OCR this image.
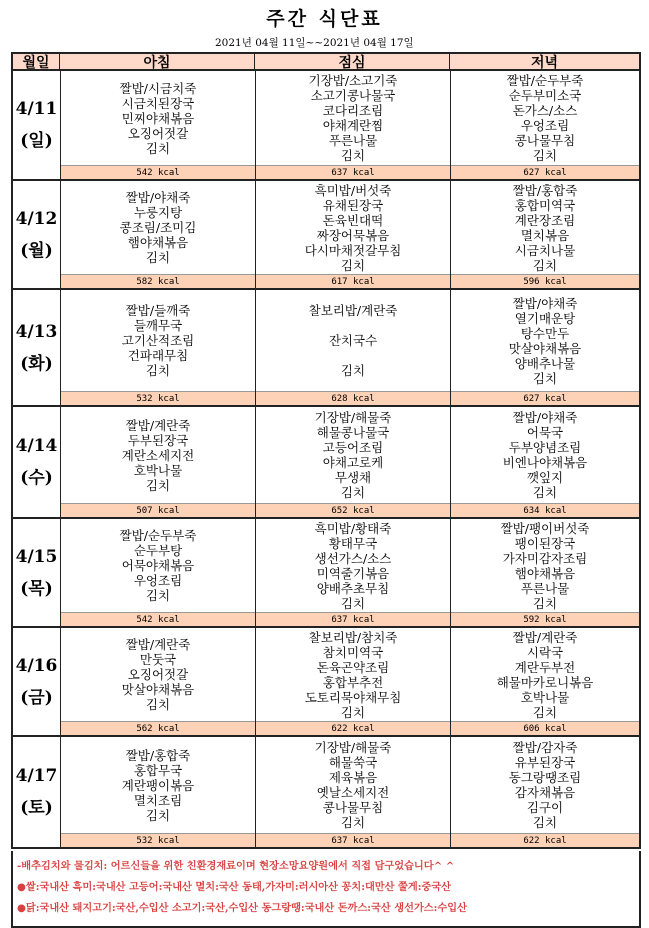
주간 식단표
2021년 04월 11일~~2021년 04월 17일
월일	아침	점심	저녁
4/11
(일)
짤밥/시금치죽
시금치된장국
민찌야채볶음
오징어젓갈
김치
542 kcal
기장밥/소고기죽
소고기콩나물국
코다리조림
야채계란찜
푸른나물
김치
637 kcal
짤밥/순두부죽
순두부미소국
돈가스/소스
우엉조림
콩나물무침
김치
627 kcal
4/12
(월)
짤밥/야채죽
누룽지탕
콩조림/조미김
햄야채볶음
김치
582 kcal
흑미밥/버섯죽
유채된장국
돈육빈대떡
짜장어묵볶음
다시마채젓갈무침
김치
617 kcal
짤밥/홍합죽
홍합미역국
계란장조림
멸치볶음
시금치나물
김치
596 kcal
4/13
(화)
짤밥/들깨죽
들깨무국
고기산적조림
건파래무침
김치
532 kcal
찰보리밥/계란죽
잔치국수
김치
628 kcal
짤밥/야채죽
열기매운탕
탕수만두
맛살야채볶음
양배추나물
김치
627 kcal
4/14
(수)
짤밥/계란죽
두부된장국
계란소세지전
호박나물
김치
507 kcal
기장밥/해물죽
해물콩나물국
고등어조림
야채고로케
무생채
김치
652 kcal
짤밥/야채죽
어묵국
두부양념조림
비엔나야채볶음
깻잎지
김치
634 kcal
4/15
(목)
짤밥/순두부죽
순두부탕
어묵야채볶음
우엉조림
김치
542 kcal
흑미밥/황태죽
황태무국
생선가스/소스
미역줄기볶음
양배추초무침
김치
637 kcal
짤밥/팽이버섯죽
팽이된장국
가자미감자조림
햄야채볶음
푸른나물
김치
592 kcal
4/16
(금)
짤밥/계란죽
만둣국
오징어젓갈
맛살야채볶음
김치
562 kcal
찰보리밥/참치죽
참치미역국
돈육곤약조림
홍합부추전
도토리묵야채무침
김치
622 kcal
짤밥/계란죽
시락국
계란두부전
해물마카로니볶음
호박나물
김치
606 kcal
4/17
(토)
짤밥/홍합죽
홍합무국
계란팽이볶음
멸치조림
김치
532 kcal
기장밥/해물죽
해물쑥국
제육볶음
옛날소세지전
콩나물무침
김치
637 kcal
짤밥/감자죽
유부된장국
동그랑땡조림
감자채볶음
김구이
김치
622 kcal
-배추김치와 물김치: 어르신들을 위한 친환경재료이며 현장소망요양원에서 직접 담구었습니다^ ^
●쌀:국내산 흑미:국내산 고등어:국내산 멸치:국산 동태,가자미:러시아산 꽁치:대만산 쭐게:중국산
●닭:국내산 돼지고기:국산,수입산 소고기:국산,수입산 동그랑땡:국내산 돈까스:국산 생선가스:수입산
